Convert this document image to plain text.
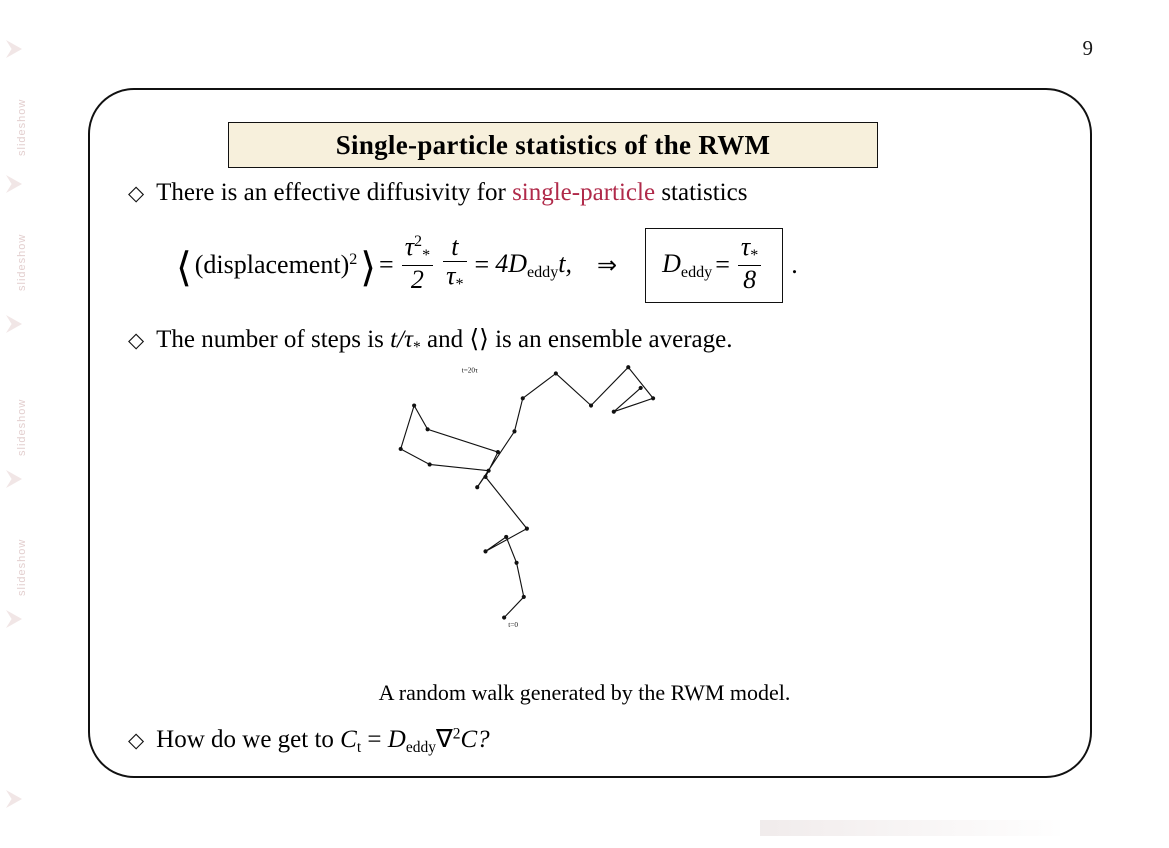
slideshow
slideshow
slideshow
slideshow
9
Single-particle statistics of the RWM
◇ There is an effective diffusivity for single-particle statistics
⟨ (displacement)$^2$ ⟩ = $\frac{\tau^2_*}{2} \frac{t}{\tau_*} = 4D_{eddy}t$, ⇒ $D_{eddy} = \frac{\tau_*}{8}$ .
◇ The number of steps is $t/\tau_*$ and ⟨⟩ is an ensemble average.
t=0
t=20τ
A random walk generated by the RWM model.
◇ How do we get to $C_t = D_{eddy}\nabla^2C$?
